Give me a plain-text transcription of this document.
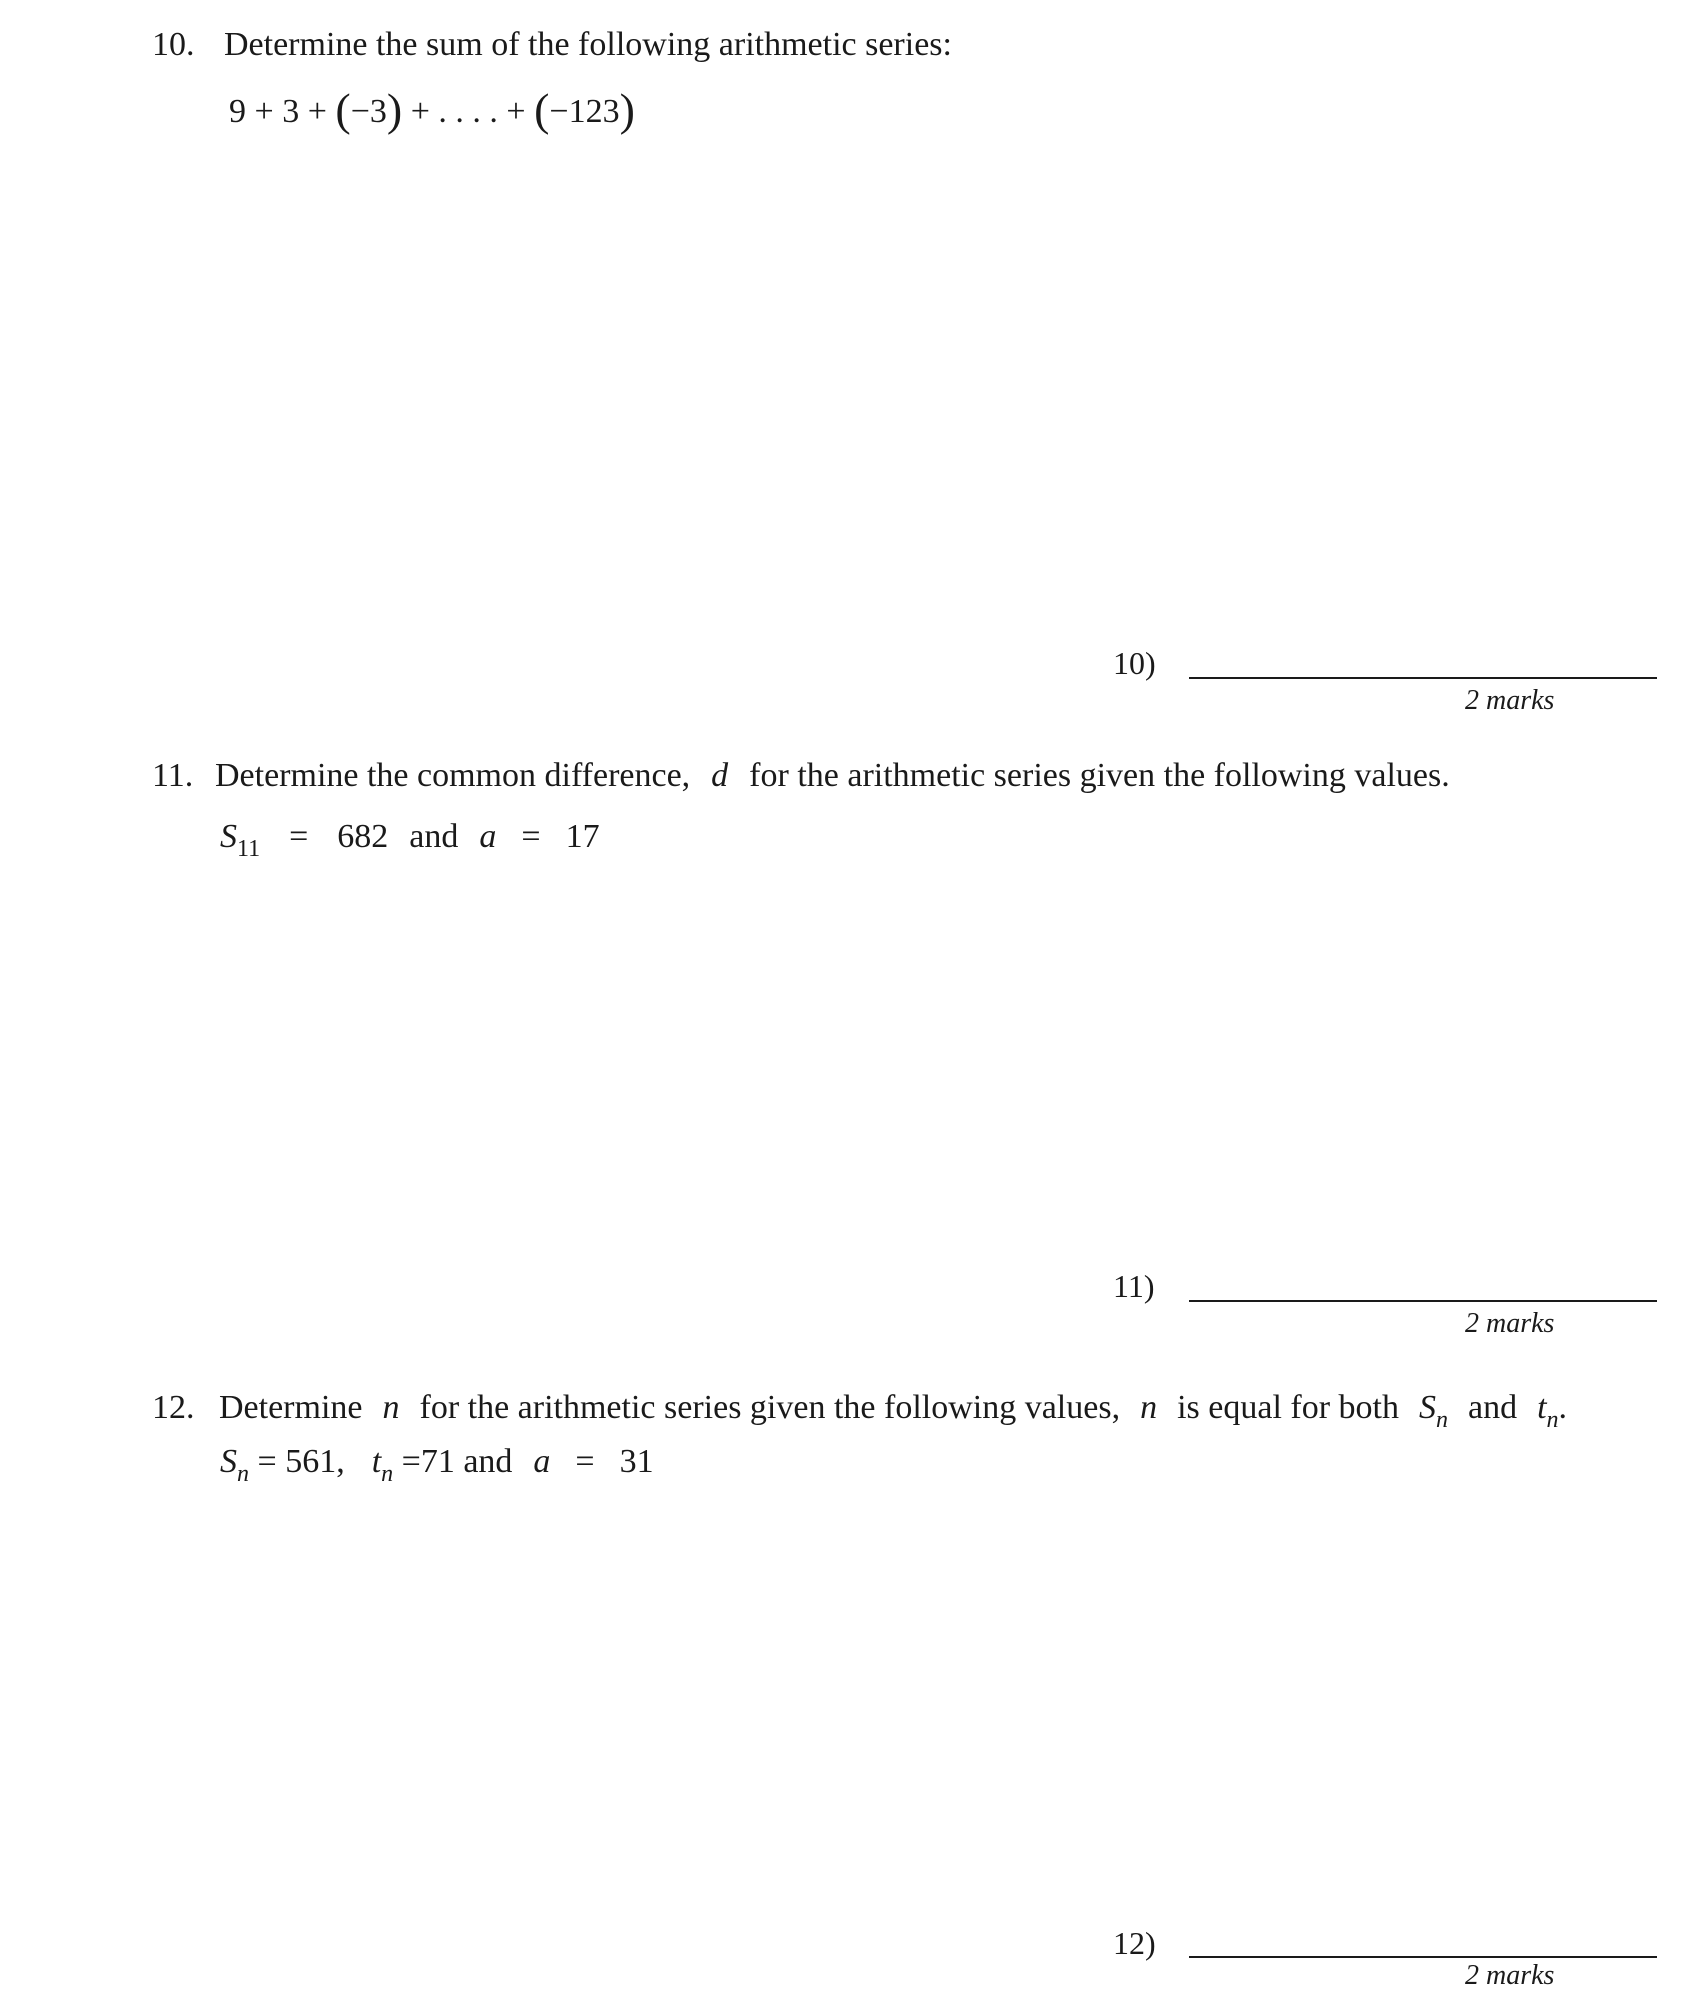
10. Determine the sum of the following arithmetic series:
9 + 3 + (−3) + . . . . + (−123)
10)
2 marks
11. Determine the common difference, d for the arithmetic series given the following values.
$S_{11} = 682$ and a = 17
11)
2 marks
12. Determine n for the arithmetic series given the following values, n is equal for both $S_n$ and $t_n$.
$S_n = 561$, $t_n =71$ and a = 31
12)
2 marks
